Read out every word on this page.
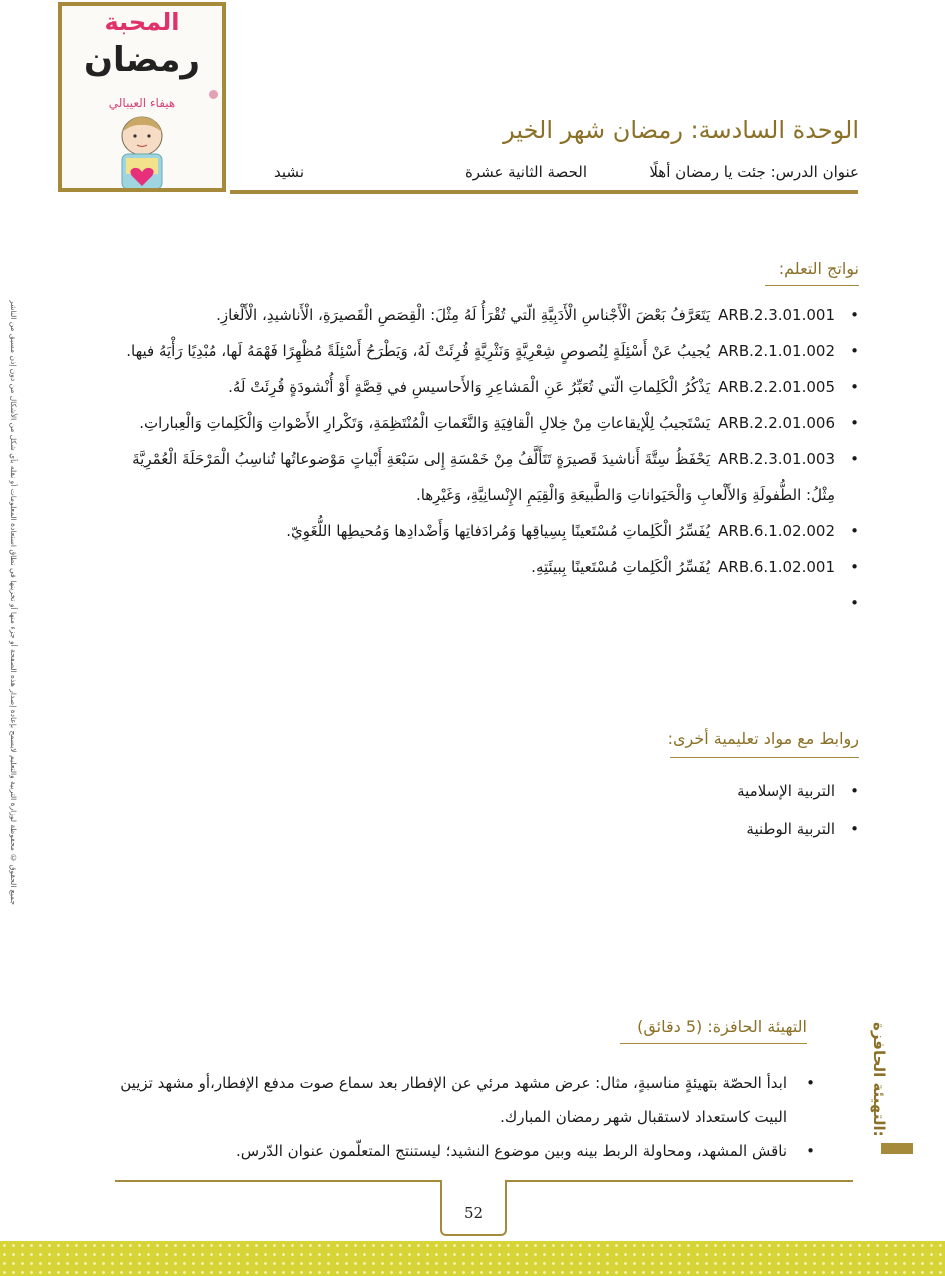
المحبة
رمضان
هيفاء العيبالي
الوحدة السادسة: رمضان شهر الخير
عنوان الدرس: جئت يا رمضان أهلًا
الحصة الثانية عشرة
نشيد
جميع الحقوق © محفوظة لوزارة التربية والتعليم لايسمح بإعادة إصدار هذه الصفحة أو جزء منها أو تخزينها في نطاق استعادة المعلومات أو نقله بأي شكل من الأشكال من دون إذن مسبق من الناشر
نواتج التعلم:
•
ARB.2.3.01.001يَتَعَرَّفُ بَعْضَ الْأَجْناسِ الْأَدَبِيَّةِ الّتي تُقْرَأُ لَهُ مِثْلَ: الْقِصَصِ الْقَصيرَةِ، الْأَناشيدِ، الْأَلْغازِ.
•
ARB.2.1.01.002يُجيبُ عَنْ أَسْئِلَةٍ لِنُصوصٍ شِعْرِيَّةٍ وَنَثْرِيَّةٍ قُرِئَتْ لَهُ، وَيَطْرَحُ أَسْئِلَةً مُظْهِرًا فَهْمَهُ لَها، مُبْدِيًا رَأْيَهُ فيها.
•
ARB.2.2.01.005يَذْكُرُ الْكَلِماتِ الّتي تُعَبِّرُ عَنِ الْمَشاعِرِ وَالأَحاسيسِ في قِصَّةٍ أَوْ أُنْشودَةٍ قُرِئَتْ لَهُ.
•
ARB.2.2.01.006يَسْتَجيبُ لِلْإيقاعاتِ مِنْ خِلالِ الْقافِيَةِ وَالنَّغَماتِ الْمُنْتَظِمَةِ، وَتَكْرارِ الأَصْواتِ وَالْكَلِماتِ وَالْعِباراتِ.
•
ARB.2.3.01.003يَحْفَظُ سِتَّةَ أَناشيدَ قَصيرَةٍ تَتَأَلَّفُ مِنْ خَمْسَةِ إِلى سَبْعَةِ أَبْياتٍ مَوْضوعاتُها تُناسِبُ الْمَرْحَلَةَ الْعُمْرِيَّةَ مِثْلُ: الطُّفولَةِ وَالأَلْعابِ وَالْحَيَواناتِ وَالطَّبيعَةِ وَالْقِيَمِ الإِنْسانِيَّةِ، وَغَيْرِها.
•
ARB.6.1.02.002يُفَسِّرُ الْكَلِماتِ مُسْتَعينًا بِسِياقِها وَمُرادَفاتِها وَأَضْدادِها وَمُحيطِها اللُّغَوِيّ.
•
ARB.6.1.02.001يُفَسِّرُ الْكَلِماتِ مُسْتَعينًا بِبيئَتِهِ.
•

روابط مع مواد تعليمية أخرى:
•
التربية الإسلامية
•
التربية الوطنية
التهيئة الحافزة:
التهيئة الحافزة: (5 دقائق)
•
ابدأ الحصّة بتهيئةٍ مناسبةٍ، مثال: عرض مشهد مرئي عن الإفطار بعد سماع صوت مدفع الإفطار،أو مشهد تزيين البيت كاستعداد لاستقبال شهر رمضان المبارك.
•
ناقش المشهد، ومحاولة الربط بينه وبين موضوع النشيد؛ ليستنتج المتعلّمون عنوان الدّرس.
52
